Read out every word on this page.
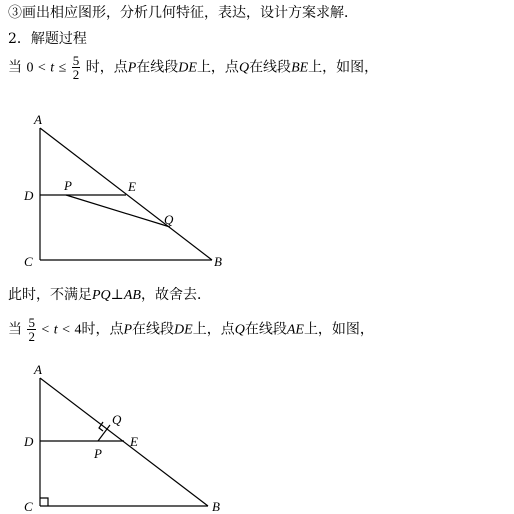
③画出相应图形，分析几何特征，表达，设计方案求解．
2．解题过程
当 $0 < t \le \frac{5}{2}$ 时，点P在线段DE上，点Q在线段BE上，如图，
此时，不满足PQ⊥AB，故舍去．
当 $\frac{5}{2} < t < 4$时，点P在线段DE上，点Q在线段AE上，如图，
A
D
P	E
Q
C	B
A
D
Q
E
P
C	B
